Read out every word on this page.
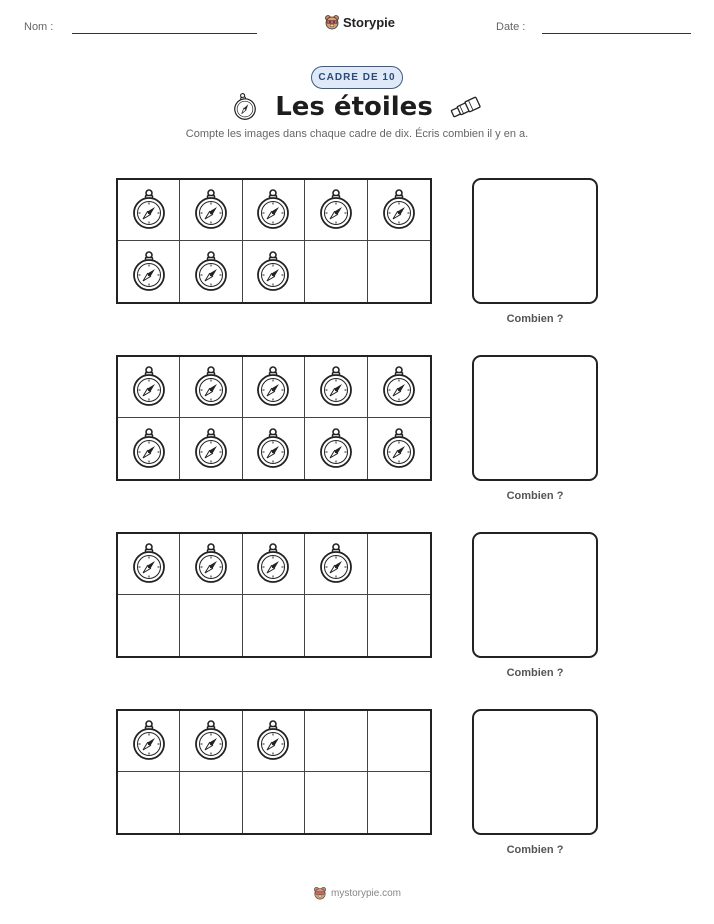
Nom :	Storypie	Date :
CADRE DE 10
Les étoiles
Compte les images dans chaque cadre de dix. Écris combien il y en a.
Combien ?
Combien ?
Combien ?
Combien ?
mystorypie.com
